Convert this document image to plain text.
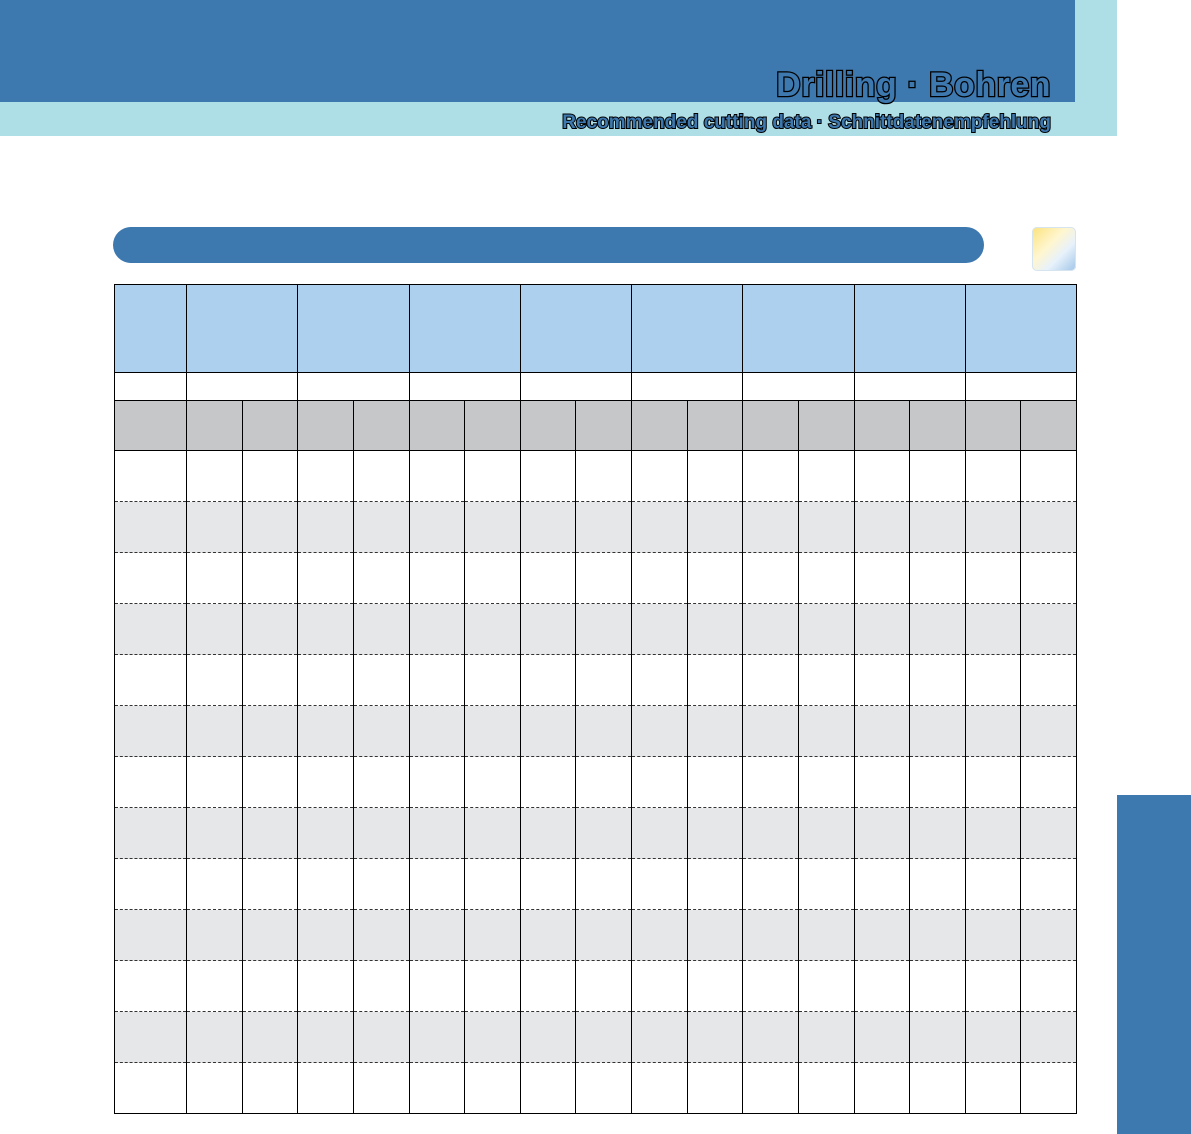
Drilling · Bohren
Recommended cutting data · Schnittdatenempfehlung
